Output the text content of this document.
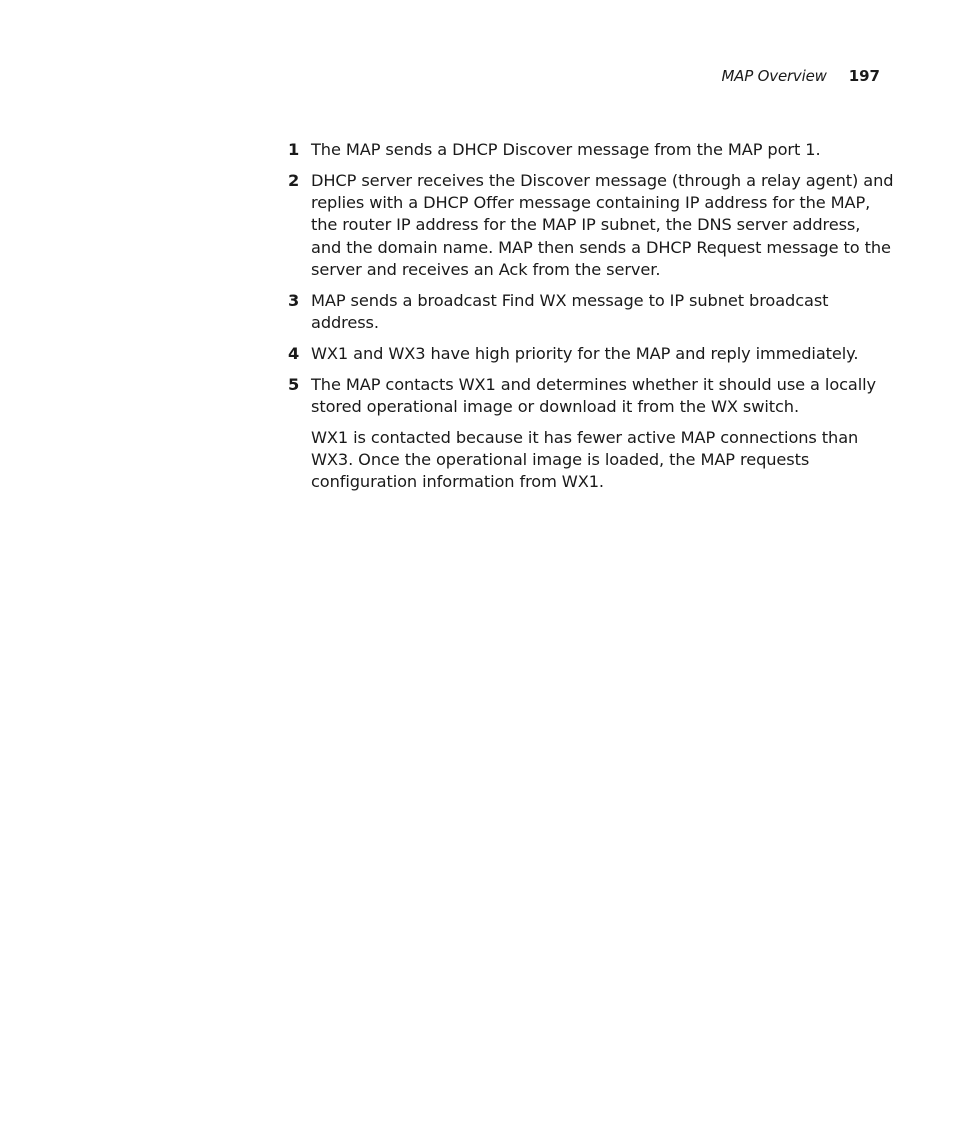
MAP Overview 197
1 The MAP sends a DHCP Discover message from the MAP port 1.

2 DHCP server receives the Discover message (through a relay agent) and replies with a DHCP Offer message containing IP address for the MAP, the router IP address for the MAP IP subnet, the DNS server address, and the domain name. MAP then sends a DHCP Request message to the server and receives an Ack from the server.

3 MAP sends a broadcast Find WX message to IP subnet broadcast address.

4 WX1 and WX3 have high priority for the MAP and reply immediately.

5 The MAP contacts WX1 and determines whether it should use a locally stored operational image or download it from the WX switch.

WX1 is contacted because it has fewer active MAP connections than WX3. Once the operational image is loaded, the MAP requests configuration information from WX1.
